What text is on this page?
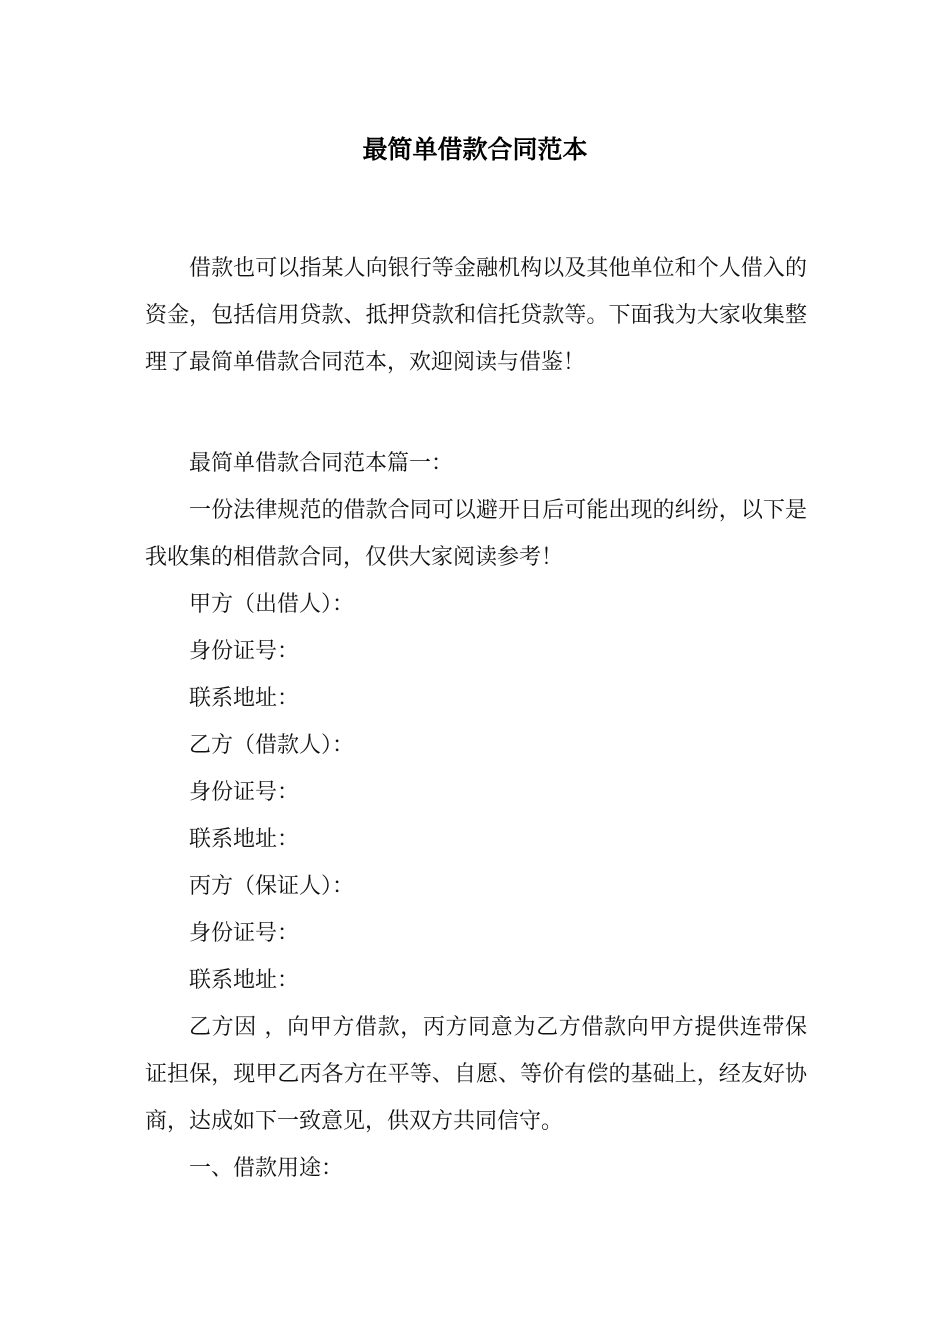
最简单借款合同范本

借款也可以指某人向银行等金融机构以及其他单位和个人借入的资金，包括信用贷款、抵押贷款和信托贷款等。下面我为大家收集整理了最简单借款合同范本，欢迎阅读与借鉴！

最简单借款合同范本篇一：

一份法律规范的借款合同可以避开日后可能出现的纠纷，以下是我收集的相借款合同，仅供大家阅读参考！

甲方（出借人）：

身份证号：

联系地址：

乙方（借款人）：

身份证号：

联系地址：

丙方（保证人）：

身份证号：

联系地址：

乙方因 ，向甲方借款，丙方同意为乙方借款向甲方提供连带保证担保，现甲乙丙各方在平等、自愿、等价有偿的基础上，经友好协商，达成如下一致意见，供双方共同信守。

一、借款用途：
